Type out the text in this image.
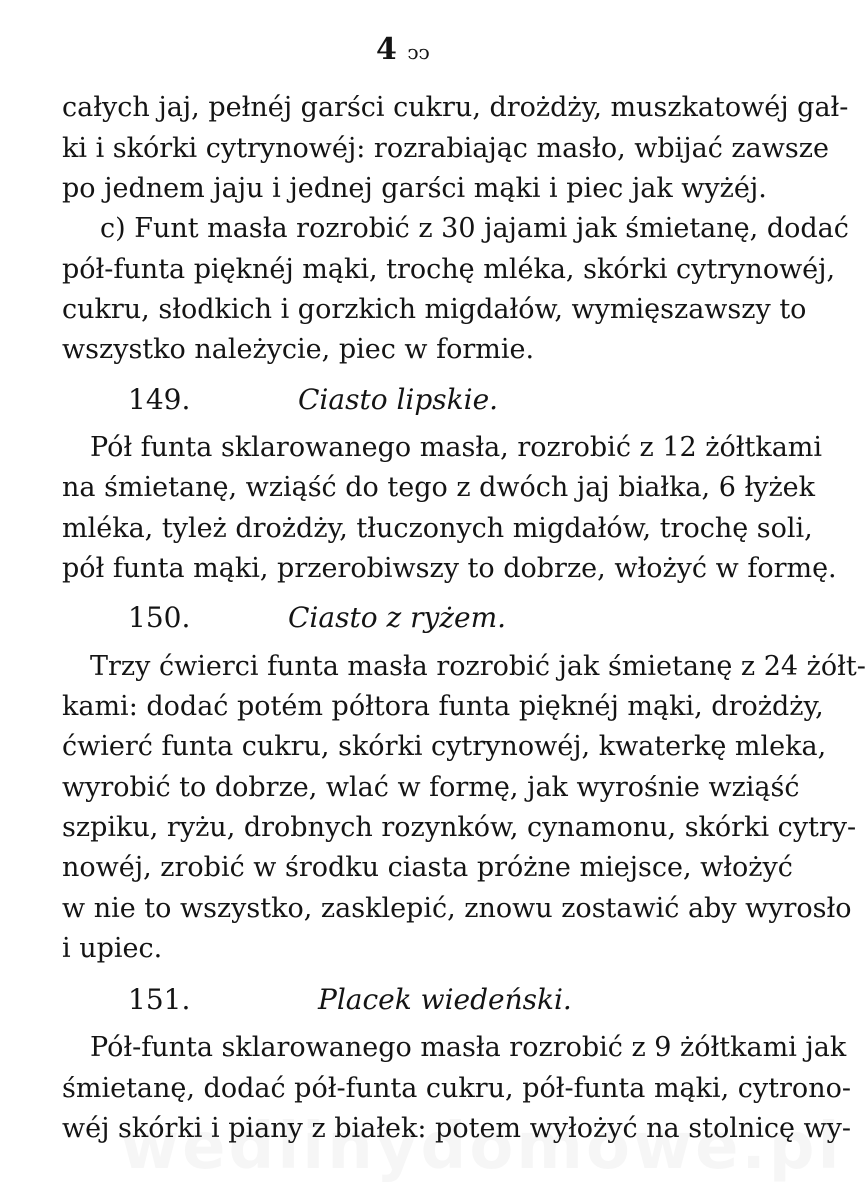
4 ↄↄ
całych jaj, pełnéj garści cukru, drożdży, muszkatowéj gał-
ki i skórki cytrynowéj: rozrabiając masło, wbijać zawsze
po jednem jaju i jednej garści mąki i piec jak wyżéj.
c) Funt masła rozrobić z 30 jajami jak śmietanę, dodać
pół-funta pięknéj mąki, trochę mléka, skórki cytrynowéj,
cukru, słodkich i gorzkich migdałów, wymięszawszy to
wszystko należycie, piec w formie.
149.	Ciasto lipskie.
Pół funta sklarowanego masła, rozrobić z 12 żółtkami
na śmietanę, wziąść do tego z dwóch jaj białka, 6 łyżek
mléka, tyleż drożdży, tłuczonych migdałów, trochę soli,
pół funta mąki, przerobiwszy to dobrze, włożyć w formę.
150.	Ciasto z ryżem.
Trzy ćwierci funta masła rozrobić jak śmietanę z 24 żółt-
kami: dodać potém półtora funta pięknéj mąki, drożdży,
ćwierć funta cukru, skórki cytrynowéj, kwaterkę mleka,
wyrobić to dobrze, wlać w formę, jak wyrośnie wziąść
szpiku, ryżu, drobnych rozynków, cynamonu, skórki cytry-
nowéj, zrobić w środku ciasta próżne miejsce, włożyć
w nie to wszystko, zasklepić, znowu zostawić aby wyrosło
i upiec.
151.	Placek wiedeński.
Pół-funta sklarowanego masła rozrobić z 9 żółtkami jak
śmietanę, dodać pół-funta cukru, pół-funta mąki, cytrono-
wéj skórki i piany z białek: potem wyłożyć na stolnicę wy-
